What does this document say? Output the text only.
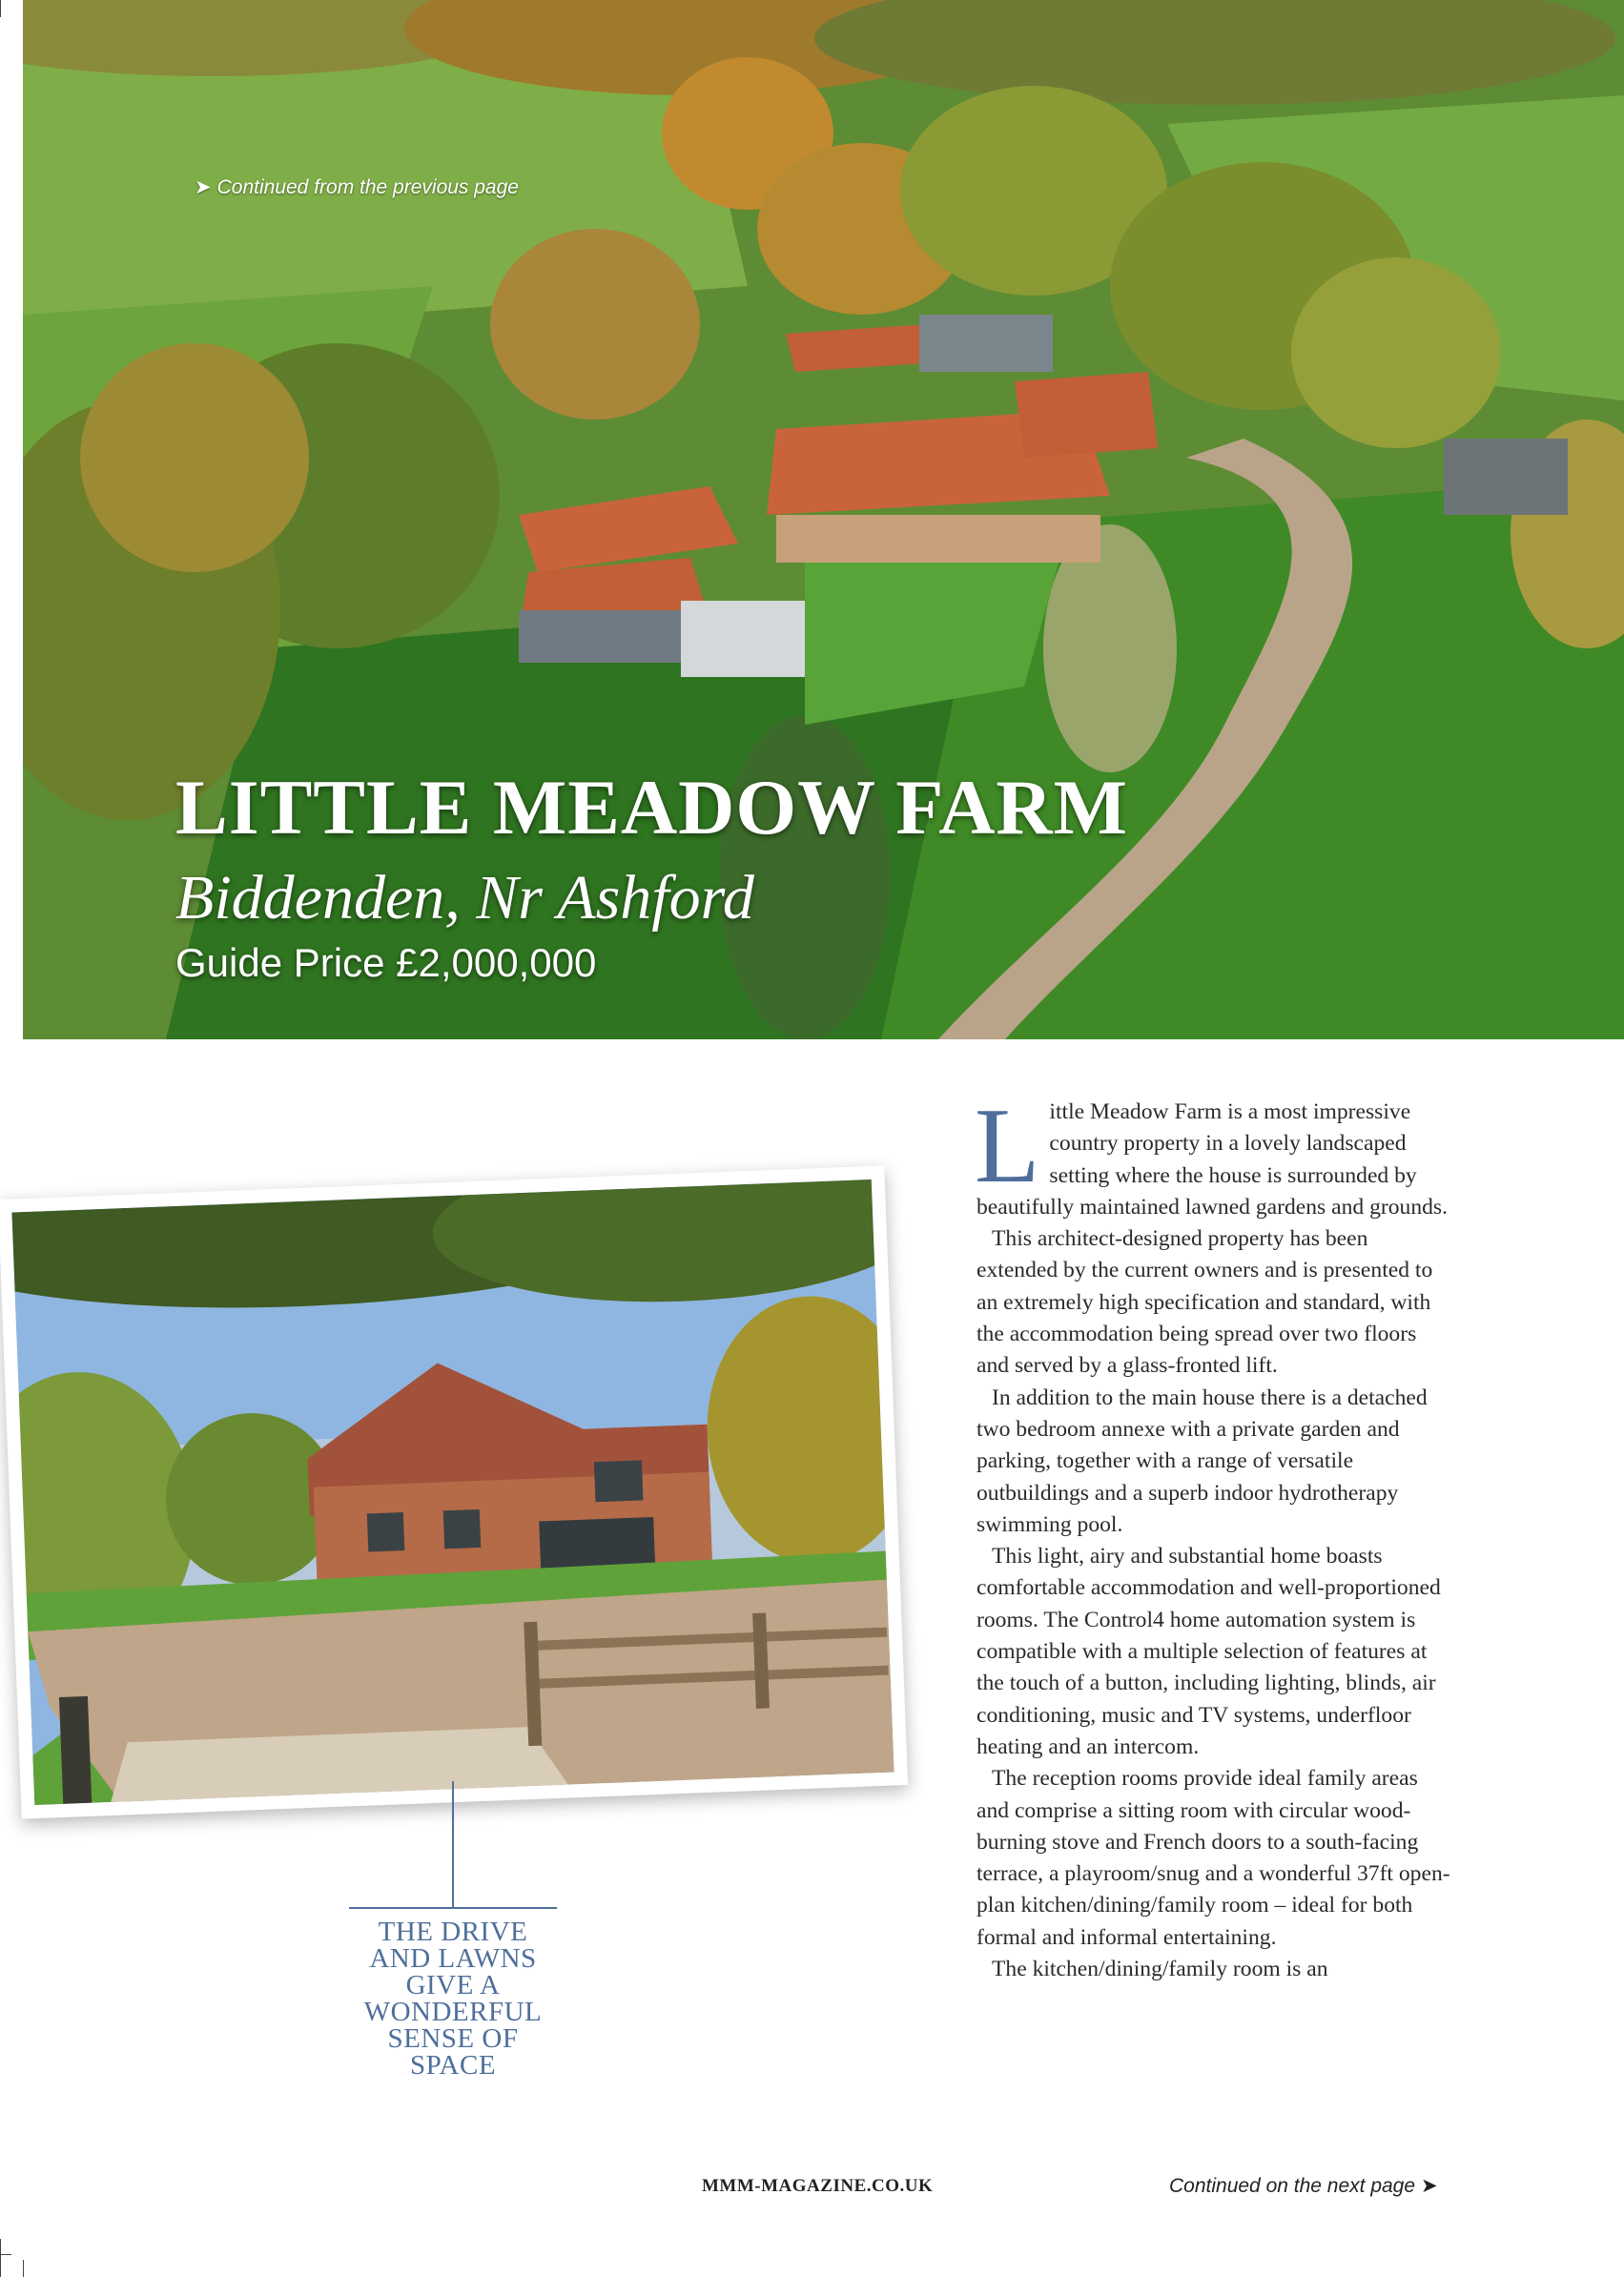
➤ Continued from the previous page
LITTLE MEADOW FARM
Biddenden, Nr Ashford
Guide Price £2,000,000
THE DRIVE
AND LAWNS
GIVE A
WONDERFUL
SENSE OF
SPACE

Little Meadow Farm is a most impressive country property in a lovely landscaped setting where the house is surrounded by beautifully maintained lawned gardens and grounds.

This architect-designed property has been extended by the current owners and is presented to an extremely high specification and standard, with the accommodation being spread over two floors and served by a glass-fronted lift.

In addition to the main house there is a detached two bedroom annexe with a private garden and parking, together with a range of versatile outbuildings and a superb indoor hydrotherapy swimming pool.

This light, airy and substantial home boasts comfortable accommodation and well-proportioned rooms. The Control4 home automation system is compatible with a multiple selection of features at the touch of a button, including lighting, blinds, air conditioning, music and TV systems, underfloor heating and an intercom.

The reception rooms provide ideal family areas and comprise a sitting room with circular wood-burning stove and French doors to a south-facing terrace, a playroom/snug and a wonderful 37ft open-plan kitchen/dining/family room – ideal for both formal and informal entertaining.

The kitchen/dining/family room is an

MMM-MAGAZINE.CO.UK	Continued on the next page ➤
